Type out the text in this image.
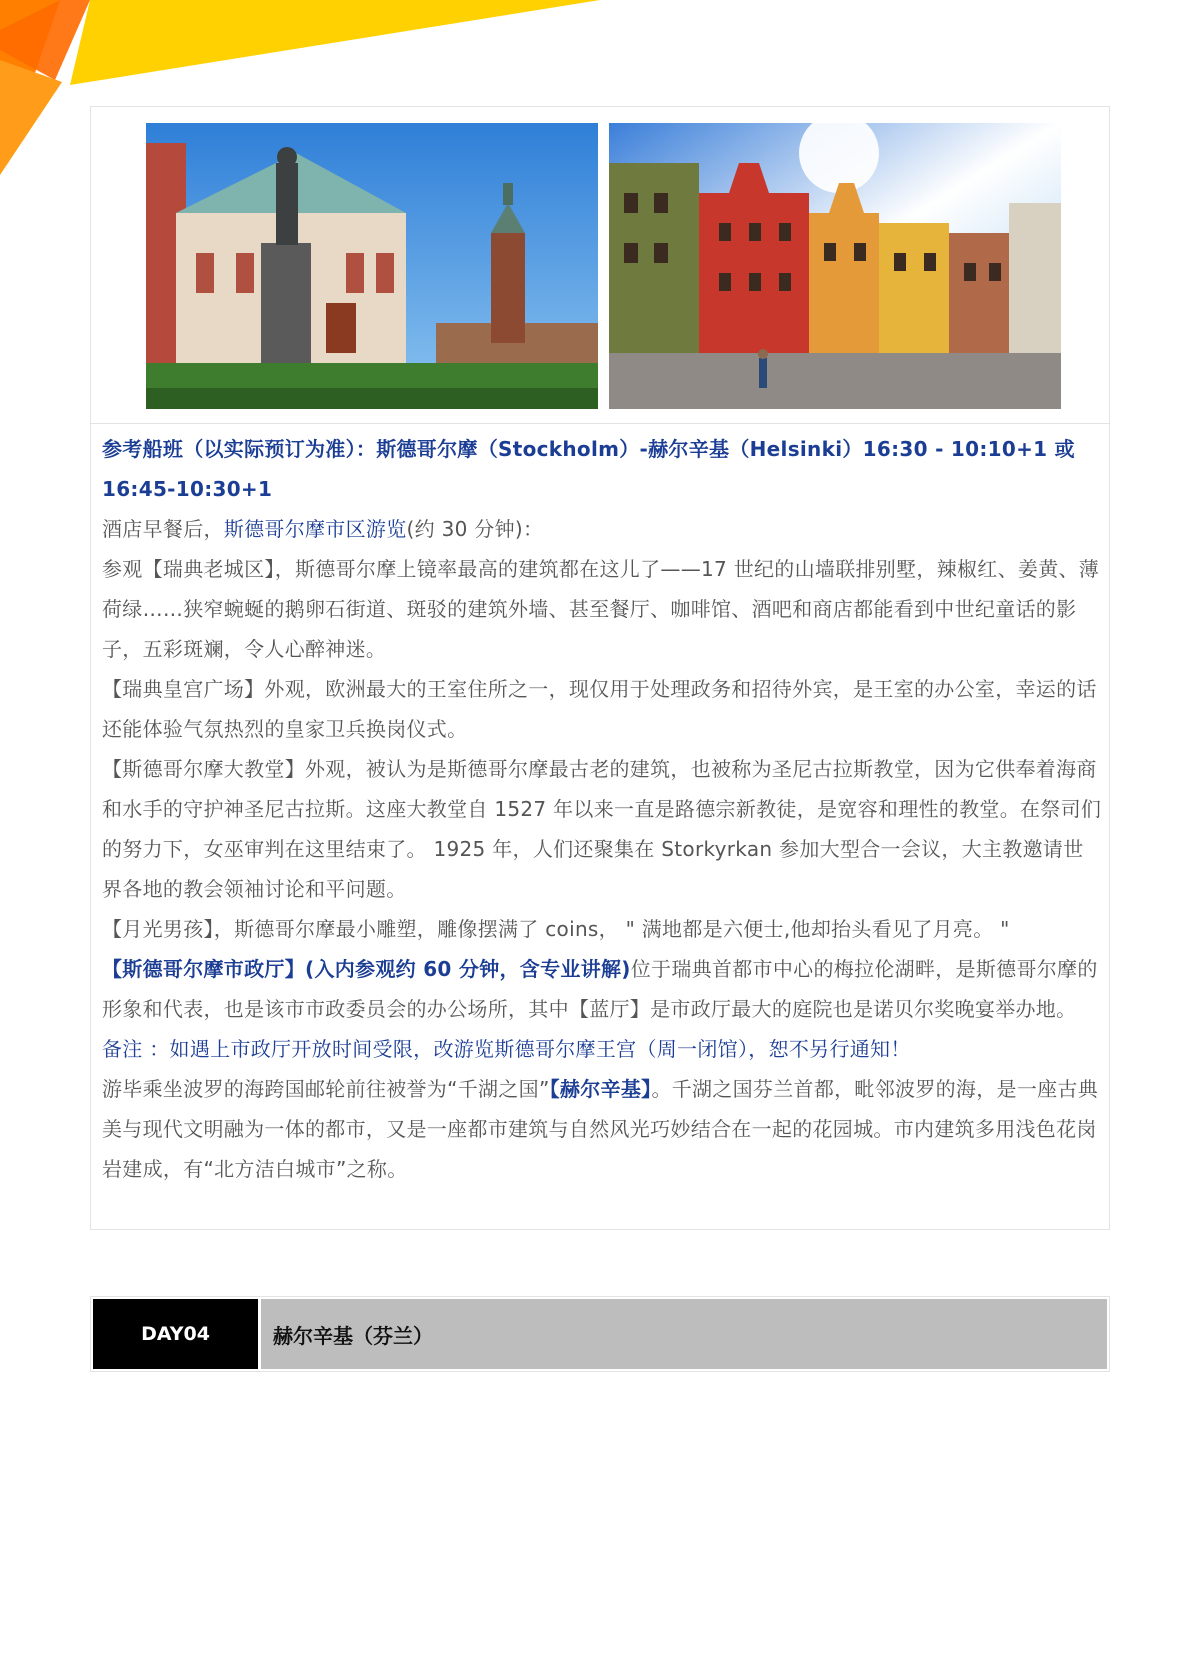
参考船班（以实际预订为准）：斯德哥尔摩（Stockholm）-赫尔辛基（Helsinki）16:30 - 10:10+1 或 16:45-10:30+1

酒店早餐后，斯德哥尔摩市区游览(约 30 分钟)：

参观【瑞典老城区】，斯德哥尔摩上镜率最高的建筑都在这儿了——17 世纪的山墙联排别墅，辣椒红、姜黄、薄荷绿……狭窄蜿蜒的鹅卵石街道、斑驳的建筑外墙、甚至餐厅、咖啡馆、酒吧和商店都能看到中世纪童话的影子，五彩斑斓，令人心醉神迷。

【瑞典皇宫广场】外观，欧洲最大的王室住所之一，现仅用于处理政务和招待外宾，是王室的办公室，幸运的话还能体验气氛热烈的皇家卫兵换岗仪式。

【斯德哥尔摩大教堂】外观，被认为是斯德哥尔摩最古老的建筑，也被称为圣尼古拉斯教堂，因为它供奉着海商和水手的守护神圣尼古拉斯。这座大教堂自 1527 年以来一直是路德宗新教徒，是宽容和理性的教堂。在祭司们的努力下，女巫审判在这里结束了。 1925 年，人们还聚集在 Storkyrkan 参加大型合一会议，大主教邀请世界各地的教会领袖讨论和平问题。

【月光男孩】，斯德哥尔摩最小雕塑，雕像摆满了 coins， " 满地都是六便士,他却抬头看见了月亮。 "

【斯德哥尔摩市政厅】(入内参观约 60 分钟，含专业讲解)位于瑞典首都市中心的梅拉伦湖畔，是斯德哥尔摩的形象和代表，也是该市市政委员会的办公场所，其中【蓝厅】是市政厅最大的庭院也是诺贝尔奖晚宴举办地。

备注 ：如遇上市政厅开放时间受限，改游览斯德哥尔摩王宫（周一闭馆），恕不另行通知！

游毕乘坐波罗的海跨国邮轮前往被誉为“千湖之国”【赫尔辛基】。千湖之国芬兰首都，毗邻波罗的海，是一座古典美与现代文明融为一体的都市，又是一座都市建筑与自然风光巧妙结合在一起的花园城。市内建筑多用浅色花岗岩建成，有“北方洁白城市”之称。

DAY04	赫尔辛基（芬兰）
